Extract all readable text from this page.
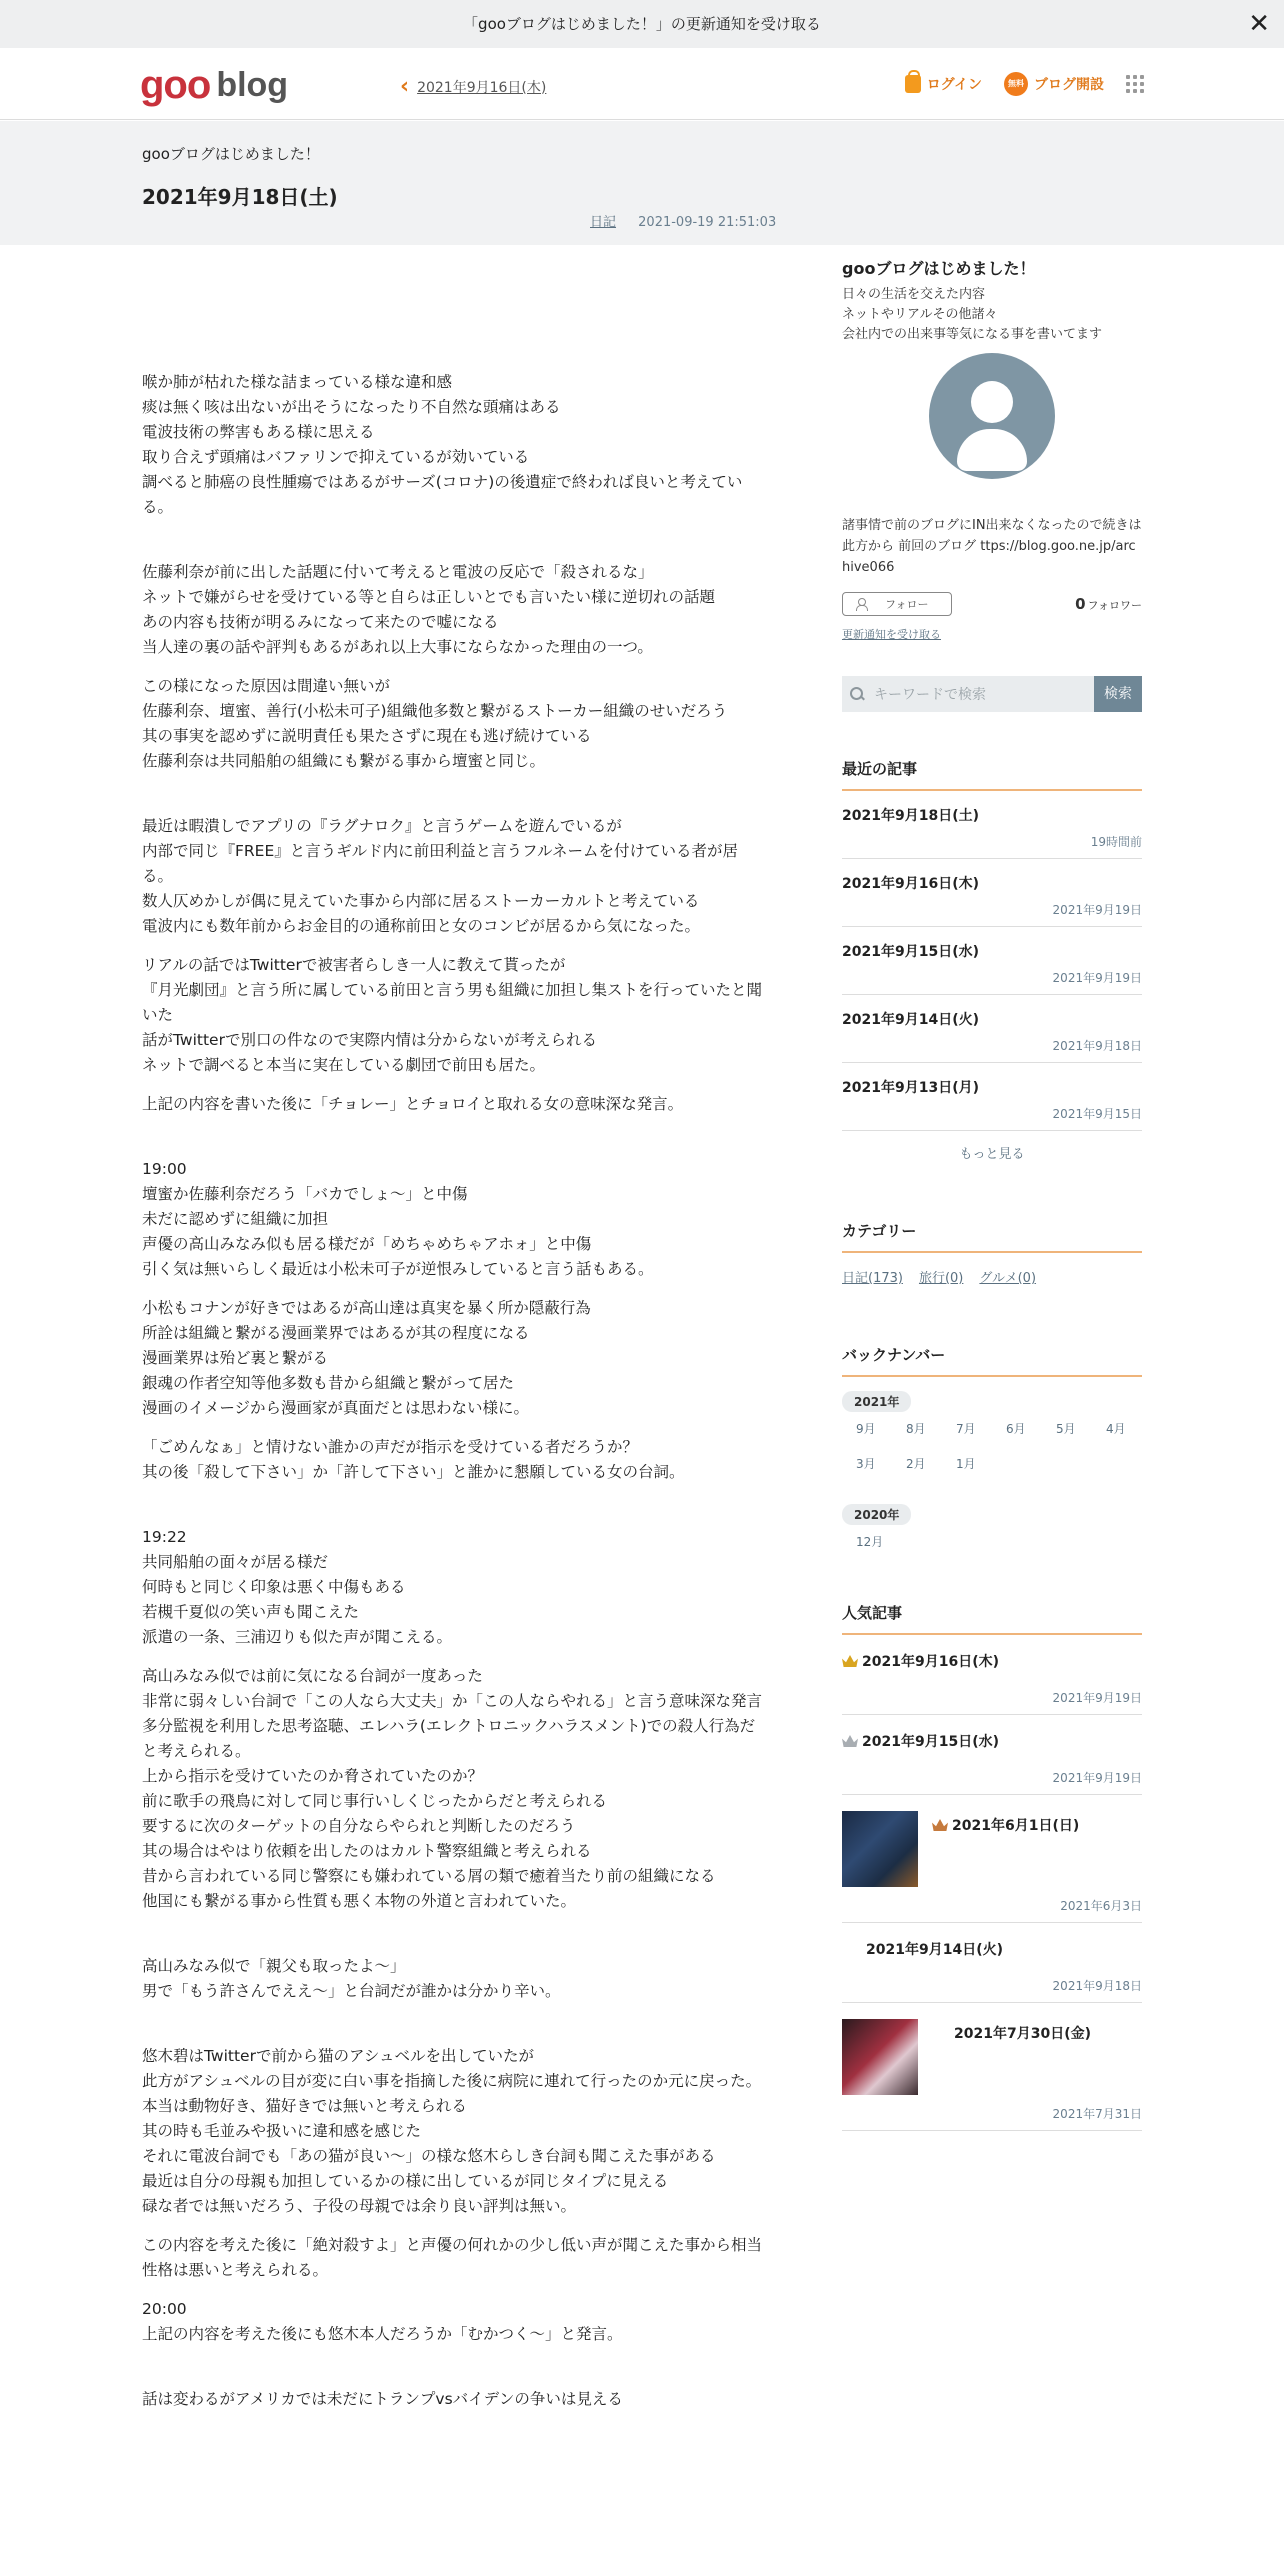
「gooブログはじめました！」の更新通知を受け取る	✕
goo blog	‹ 2021年9月16日(木)	ログイン	無料 ブログ開設
gooブログはじめました！
2021年9月18日(土)
日記 2021-09-19 21:51:03

喉か肺が枯れた様な詰まっている様な違和感
痰は無く咳は出ないが出そうになったり不自然な頭痛はある
電波技術の弊害もある様に思える
取り合えず頭痛はバファリンで抑えているが効いている
調べると肺癌の良性腫瘍ではあるがサーズ(コロナ)の後遺症で終われば良いと考えている。

佐藤利奈が前に出した話題に付いて考えると電波の反応で「殺されるな」
ネットで嫌がらせを受けている等と自らは正しいとでも言いたい様に逆切れの話題
あの内容も技術が明るみになって来たので嘘になる
当人達の裏の話や評判もあるがあれ以上大事にならなかった理由の一つ。

この様になった原因は間違い無いが
佐藤利奈、壇蜜、善行(小松未可子)組織他多数と繋がるストーカー組織のせいだろう
其の事実を認めずに説明責任も果たさずに現在も逃げ続けている
佐藤利奈は共同船舶の組織にも繋がる事から壇蜜と同じ。

最近は暇潰しでアプリの『ラグナロク』と言うゲームを遊んでいるが
内部で同じ『FREE』と言うギルド内に前田利益と言うフルネームを付けている者が居る。
数人仄めかしが偶に見えていた事から内部に居るストーカーカルトと考えている
電波内にも数年前からお金目的の通称前田と女のコンビが居るから気になった。

リアルの話ではTwitterで被害者らしき一人に教えて貰ったが
『月光劇団』と言う所に属している前田と言う男も組織に加担し集ストを行っていたと聞いた
話がTwitterで別口の件なので実際内情は分からないが考えられる
ネットで調べると本当に実在している劇団で前田も居た。

上記の内容を書いた後に「チョレー」とチョロイと取れる女の意味深な発言。

19:00
壇蜜か佐藤利奈だろう「バカでしょ～」と中傷
未だに認めずに組織に加担
声優の高山みなみ似も居る様だが「めちゃめちゃアホォ」と中傷
引く気は無いらしく最近は小松未可子が逆恨みしていると言う話もある。

小松もコナンが好きではあるが高山達は真実を暴く所か隠蔽行為
所詮は組織と繋がる漫画業界ではあるが其の程度になる
漫画業界は殆ど裏と繋がる
銀魂の作者空知等他多数も昔から組織と繋がって居た
漫画のイメージから漫画家が真面だとは思わない様に。

「ごめんなぁ」と情けない誰かの声だが指示を受けている者だろうか？
其の後「殺して下さい」か「許して下さい」と誰かに懇願している女の台詞。

19:22
共同船舶の面々が居る様だ
何時もと同じく印象は悪く中傷もある
若槻千夏似の笑い声も聞こえた
派遣の一条、三浦辺りも似た声が聞こえる。

高山みなみ似では前に気になる台詞が一度あった
非常に弱々しい台詞で「この人なら大丈夫」か「この人ならやれる」と言う意味深な発言
多分監視を利用した思考盗聴、エレハラ(エレクトロニックハラスメント)での殺人行為だと考えられる。
上から指示を受けていたのか脅されていたのか？
前に歌手の飛鳥に対して同じ事行いしくじったからだと考えられる
要するに次のターゲットの自分ならやられと判断したのだろう
其の場合はやはり依頼を出したのはカルト警察組織と考えられる
昔から言われている同じ警察にも嫌われている屑の類で癒着当たり前の組織になる
他国にも繋がる事から性質も悪く本物の外道と言われていた。

高山みなみ似で「親父も取ったよ～」
男で「もう許さんでええ～」と台詞だが誰かは分かり辛い。

悠木碧はTwitterで前から猫のアシュベルを出していたが
此方がアシュベルの目が変に白い事を指摘した後に病院に連れて行ったのか元に戻った。
本当は動物好き、猫好きでは無いと考えられる
其の時も毛並みや扱いに違和感を感じた
それに電波台詞でも「あの猫が良い～」の様な悠木らしき台詞も聞こえた事がある
最近は自分の母親も加担しているかの様に出しているが同じタイプに見える
碌な者では無いだろう、子役の母親では余り良い評判は無い。

この内容を考えた後に「絶対殺すよ」と声優の何れかの少し低い声が聞こえた事から相当性格は悪いと考えられる。

20:00
上記の内容を考えた後にも悠木本人だろうか「むかつく～」と発言。

話は変わるがアメリカでは未だにトランプvsバイデンの争いは見える

gooブログはじめました！
日々の生活を交えた内容
ネットやリアルその他諸々
会社内での出来事等気になる事を書いてます
諸事情で前のブログにIN出来なくなったので続きは此方から 前回のブログ ttps://blog.goo.ne.jp/archive066
フォロー	0 フォロワー
更新通知を受け取る
キーワードで検索	検索
最近の記事
2021年9月18日(土)
19時間前
2021年9月16日(木)
2021年9月19日
2021年9月15日(水)
2021年9月19日
2021年9月14日(火)
2021年9月18日
2021年9月13日(月)
2021年9月15日
もっと見る
カテゴリー
日記(173) 旅行(0) グルメ(0)
バックナンバー
2021年
9月	8月	7月	6月	5月	4月
3月	2月	1月
2020年
12月
人気記事
2021年9月16日(木)
2021年9月19日
2021年9月15日(水)
2021年9月19日
2021年6月1日(日)
2021年6月3日
2021年9月14日(火)
2021年9月18日
2021年7月30日(金)
2021年7月31日
